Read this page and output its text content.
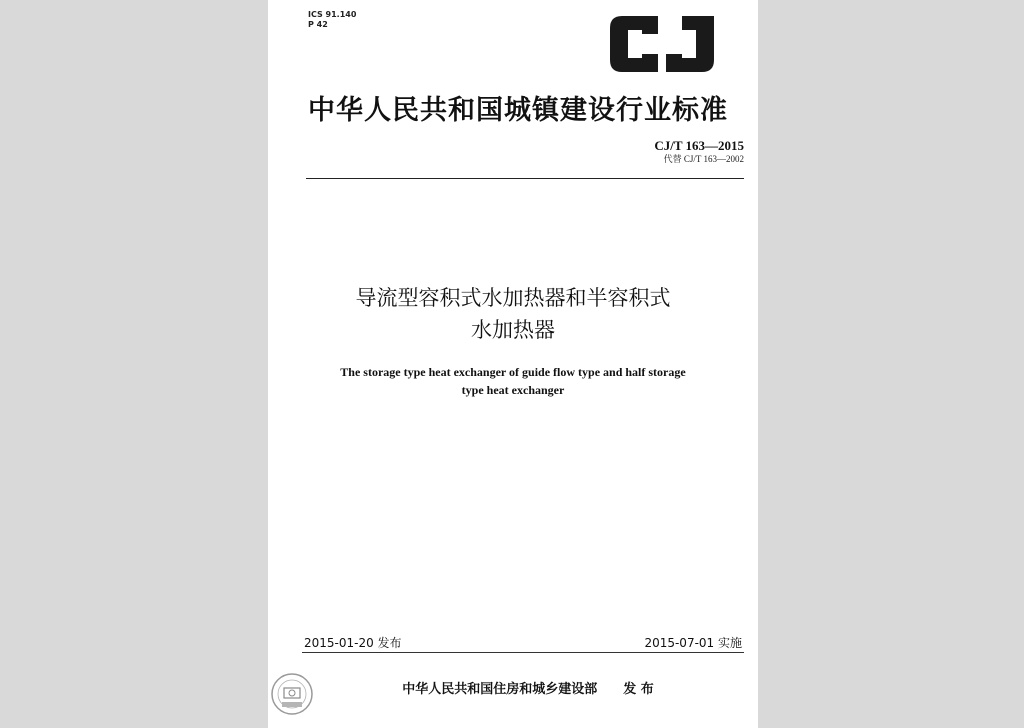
ICS 91.140
P 42
中华人民共和国城镇建设行业标准
CJ/T 163—2015
代替 CJ/T 163—2002
导流型容积式水加热器和半容积式
水加热器
The storage type heat exchanger of guide flow type and half storage
type heat exchanger
2015-01-20 发布	2015-07-01 实施
中华人民共和国住房和城乡建设部 发 布
